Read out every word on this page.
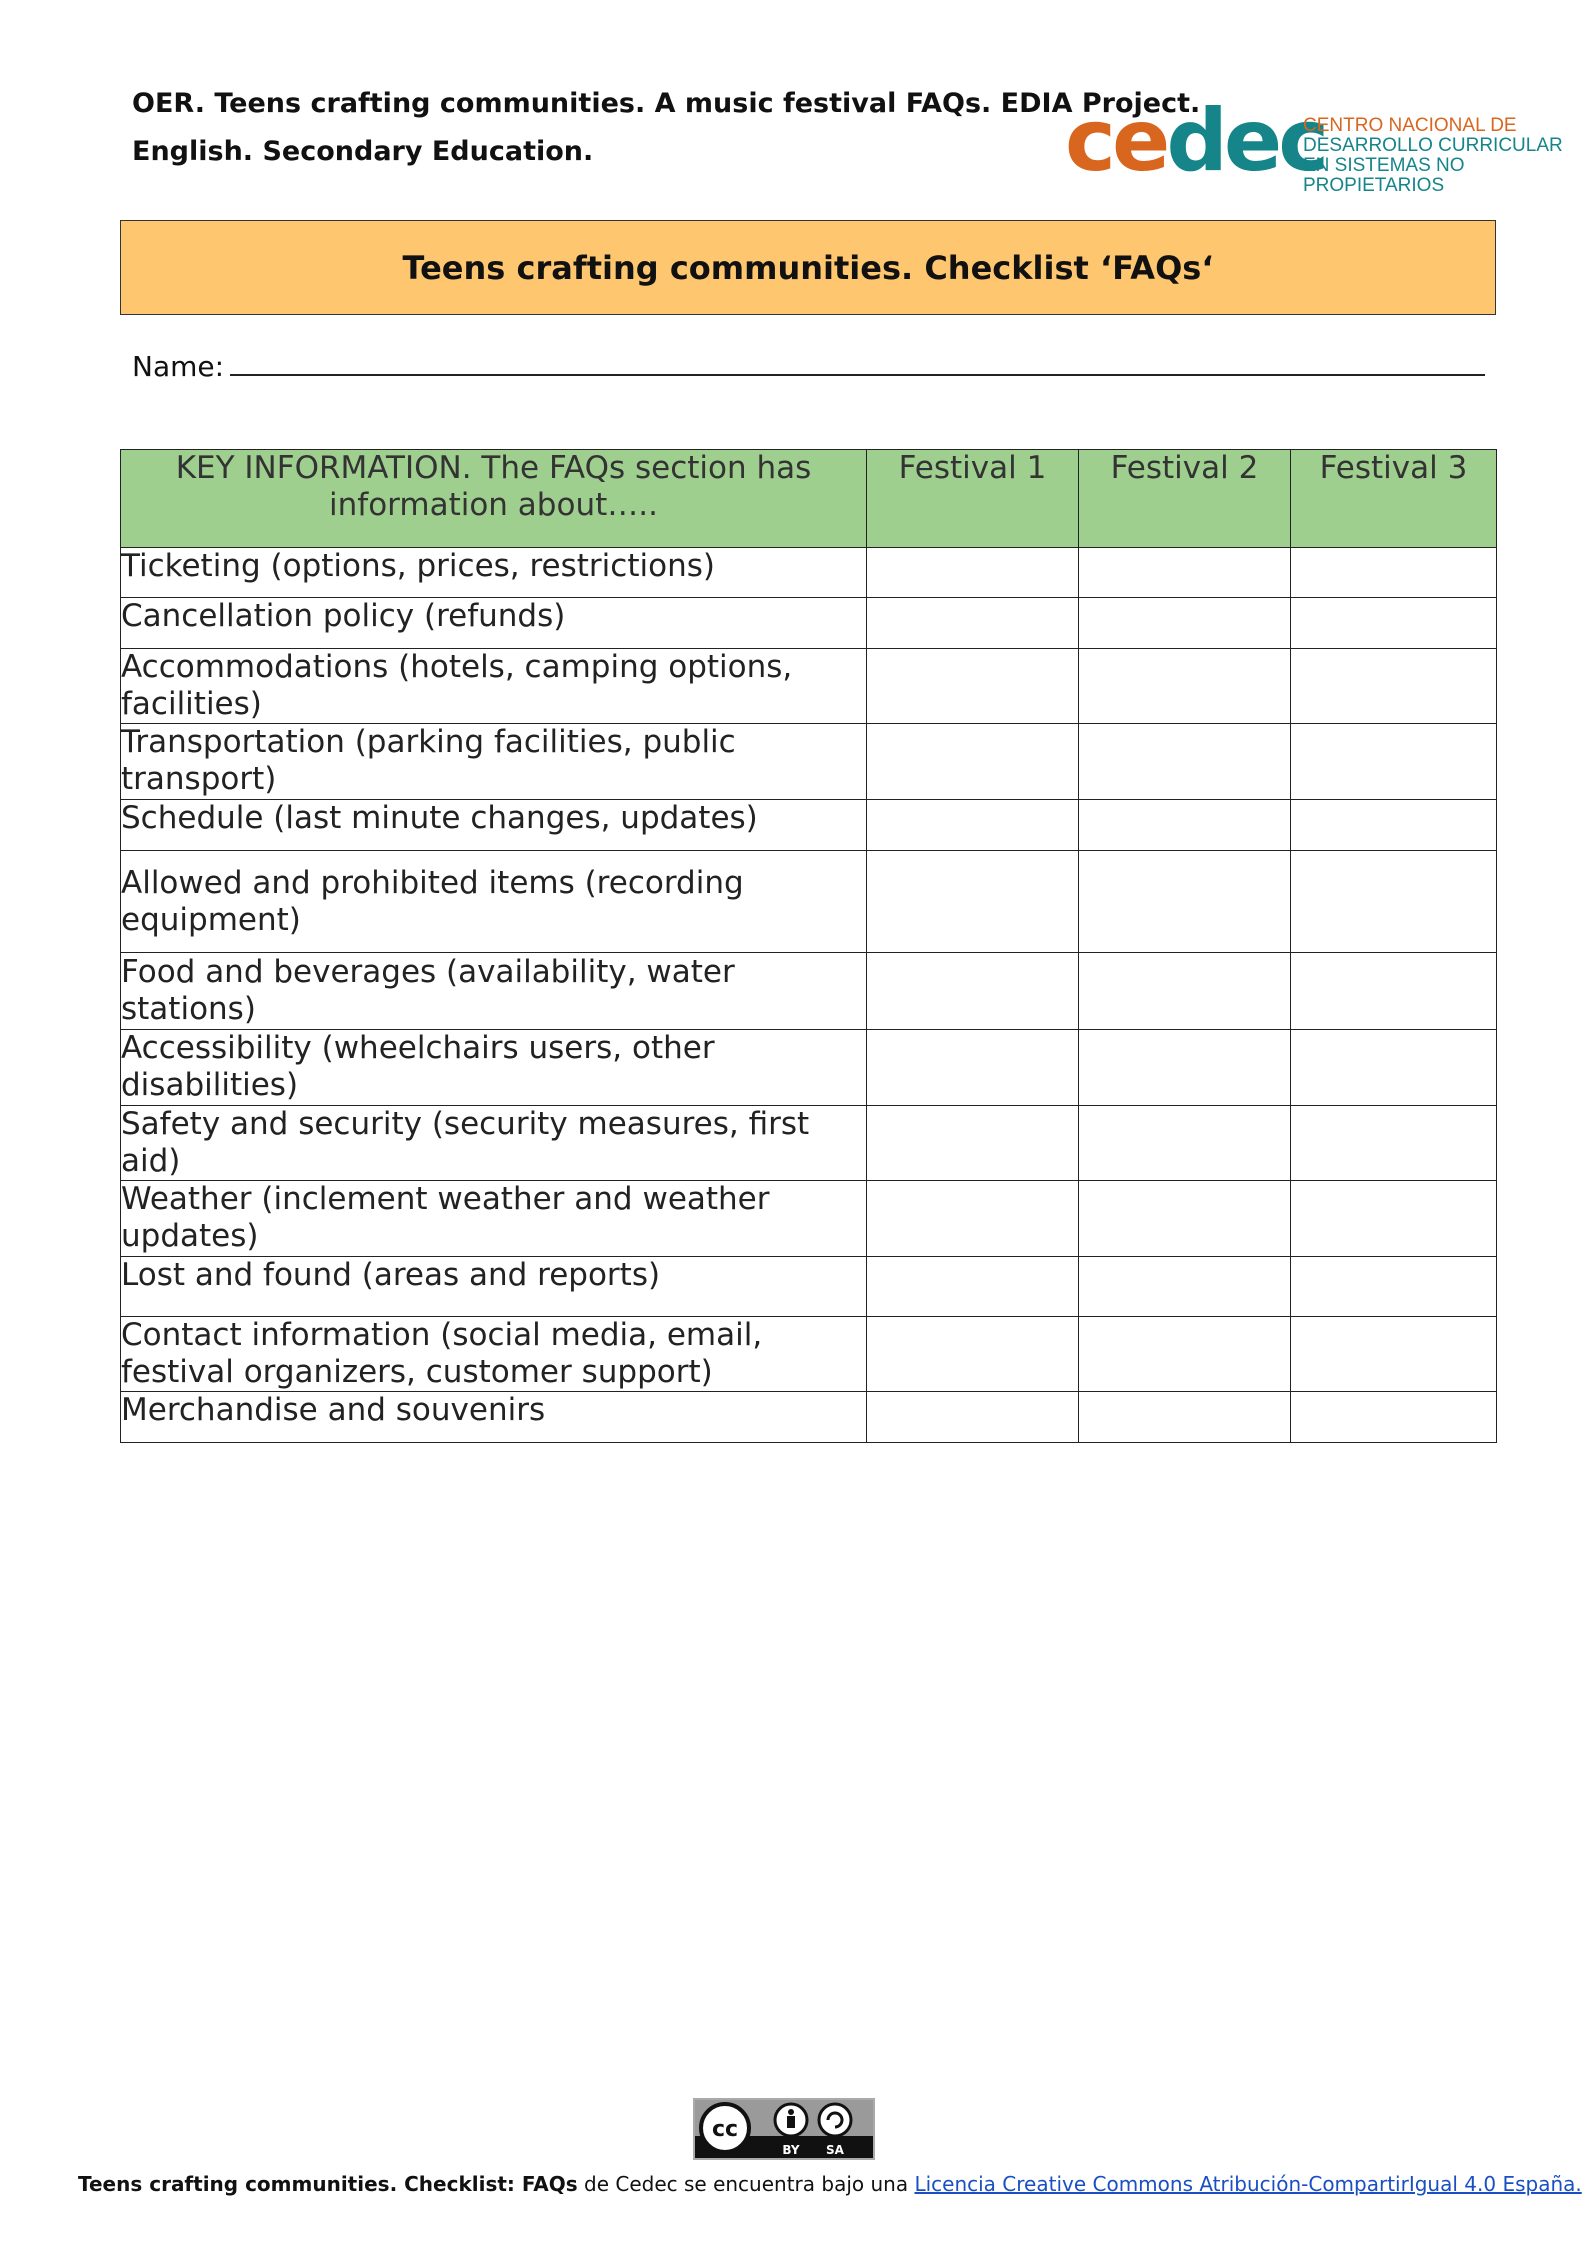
OER. Teens crafting communities. A music festival FAQs. EDIA Project.
English. Secondary Education.	cedec
CENTRO NACIONAL DE
DESARROLLO CURRICULAR
EN SISTEMAS NO PROPIETARIOS
Teens crafting communities. Checklist ‘FAQs‘
Name:
KEY INFORMATION. The FAQs section has information about…..	Festival 1	Festival 2	Festival 3
Ticketing (options, prices, restrictions)			
Cancellation policy (refunds)			
Accommodations (hotels, camping options, facilities)			
Transportation (parking facilities, public transport)			
Schedule (last minute changes, updates)			
Allowed and prohibited items (recording equipment)			
Food and beverages (availability, water stations)			
Accessibility (wheelchairs users, other disabilities)			
Safety and security (security measures, first aid)			
Weather (inclement weather and weather updates)			
Lost and found (areas and reports)			
Contact information (social media, email, festival organizers, customer support)			
Merchandise and souvenirs			
cc
BY SA
Teens crafting communities. Checklist: FAQs de Cedec se encuentra bajo una Licencia Creative Commons Atribución-CompartirIgual 4.0 España.
